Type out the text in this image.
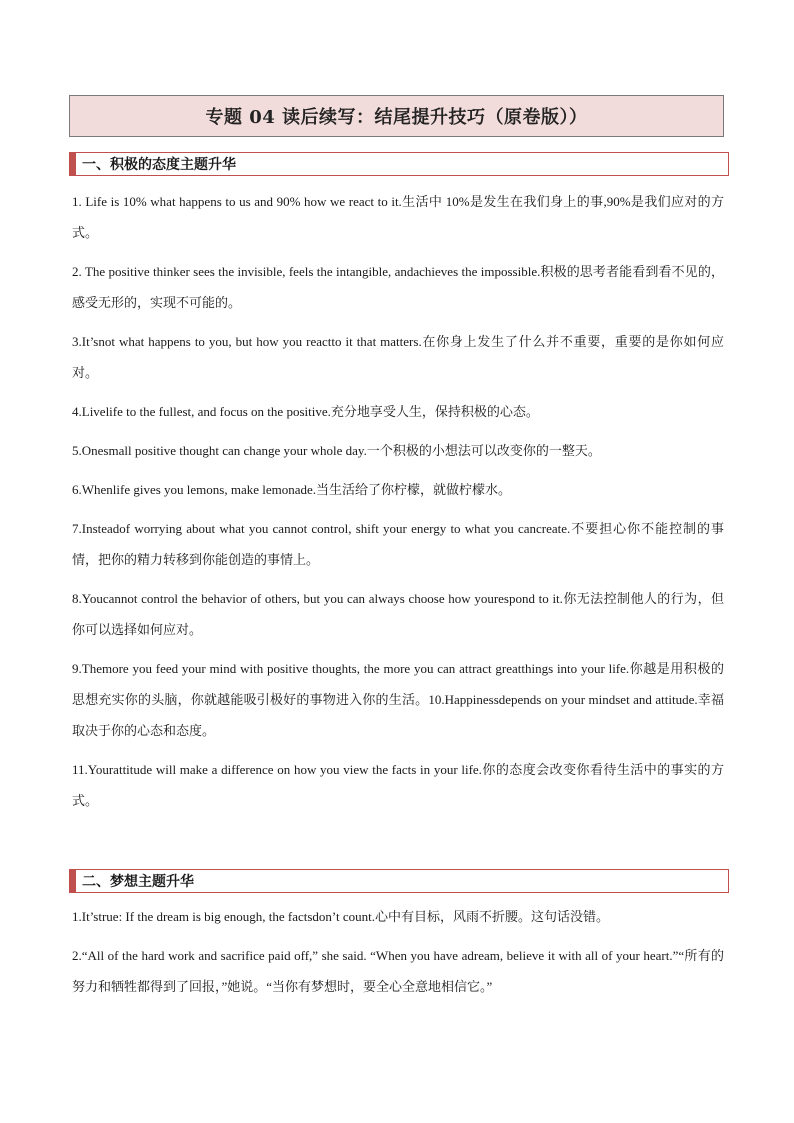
专题 04 读后续写：结尾提升技巧（原卷版））
一、积极的态度主题升华

1. Life is 10% what happens to us and 90% how we react to it.生活中 10%是发生在我们身上的事,90%是我们应对的方式。

2. The positive thinker sees the invisible, feels the intangible, andachieves the impossible.积极的思考者能看到看不见的，感受无形的，实现不可能的。

3.It’snot what happens to you, but how you reactto it that matters.在你身上发生了什么并不重要，重要的是你如何应对。

4.Livelife to the fullest, and focus on the positive.充分地享受人生，保持积极的心态。

5.Onesmall positive thought can change your whole day.一个积极的小想法可以改变你的一整天。

6.Whenlife gives you lemons, make lemonade.当生活给了你柠檬，就做柠檬水。

7.Insteadof worrying about what you cannot control, shift your energy to what you cancreate.不要担心你不能控制的事情，把你的精力转移到你能创造的事情上。

8.Youcannot control the behavior of others, but you can always choose how yourespond to it.你无法控制他人的行为，但你可以选择如何应对。

9.Themore you feed your mind with positive thoughts, the more you can attract greatthings into your life.你越是用积极的思想充实你的头脑，你就越能吸引极好的事物进入你的生活。10.Happinessdepends on your mindset and attitude.幸福取决于你的心态和态度。

11.Yourattitude will make a difference on how you view the facts in your life.你的态度会改变你看待生活中的事实的方式。

二、梦想主题升华

1.It’strue: If the dream is big enough, the factsdon’t count.心中有目标，风雨不折腰。这句话没错。

2.“All of the hard work and sacrifice paid off,” she said. “When you have adream, believe it with all of your heart.”“所有的努力和牺牲都得到了回报，”她说。“当你有梦想时，要全心全意地相信它。”
